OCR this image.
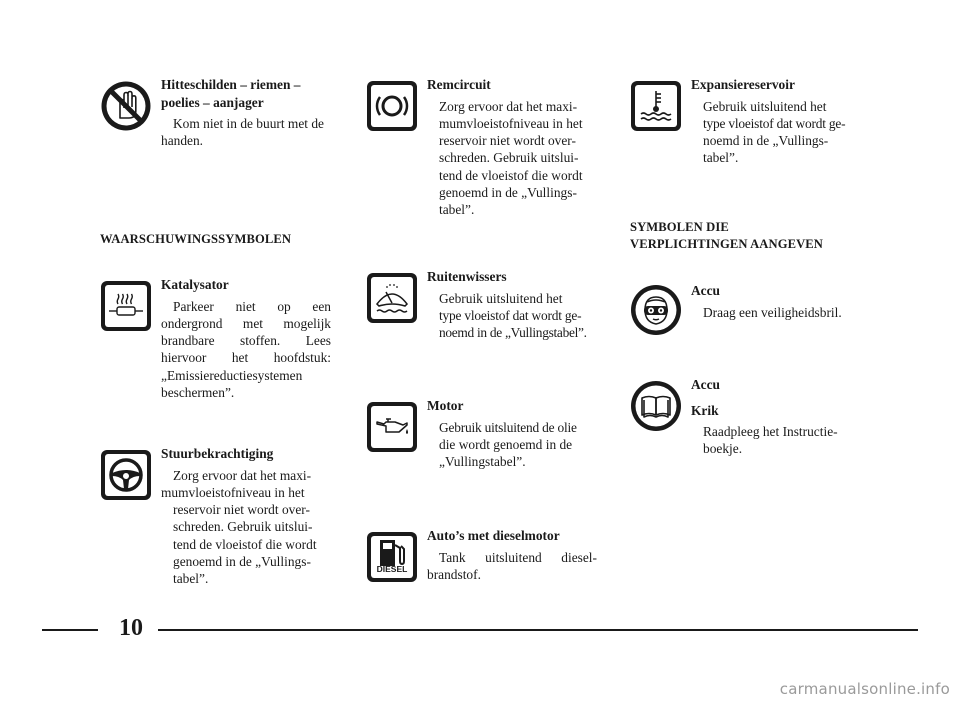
Hitteschilden – riemen – poelies – aanjager

Kom niet in de buurt met de handen.

WAARSCHUWINGSSYMBOLEN
Katalysator

Parkeer niet op een ondergrond met mogelijk brandbare stoffen. Lees hiervoor het hoofdstuk: „Emissiereductiesystemen beschermen”.

Stuurbekrachtiging

Zorg ervoor dat het maxi-
mumvloeistofniveau in het
reservoir niet wordt over-
schreden. Gebruik uitslui-
tend de vloeistof die wordt
genoemd in de „Vullings-
tabel”.

Remcircuit

Zorg ervoor dat het maxi-
mumvloeistofniveau in het
reservoir niet wordt over-
schreden. Gebruik uitslui-
tend de vloeistof die wordt
genoemd in de „Vullings-
tabel”.

Ruitenwissers

Gebruik uitsluitend het
type vloeistof dat wordt ge-
noemd in de „Vullingstabel”.

Motor

Gebruik uitsluitend de olie
die wordt genoemd in de
„Vullingstabel”.

DIESEL
Auto’s met dieselmotor

Tank uitsluitend diesel-brandstof.

Expansiereservoir

Gebruik uitsluitend het
type vloeistof dat wordt ge-
noemd in de „Vullings-
tabel”.

SYMBOLEN DIE
VERPLICHTINGEN AANGEVEN
Accu

Draag een veiligheidsbril.

Accu
Krik

Raadpleeg het Instructie-
boekje.

10
carmanualsonline.info
